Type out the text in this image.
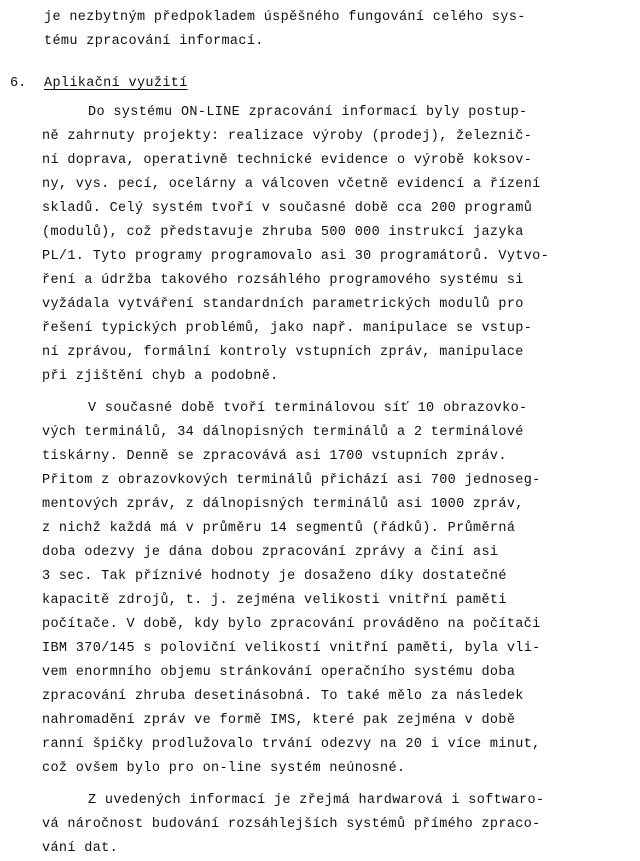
je nezbytným předpokladem úspěšného fungování celého sys-
tému zpracování informací.
6. Aplikační využití
Do systému ON-LINE zpracování informací byly postup-
ně zahrnuty projekty: realizace výroby (prodej), železnič-
ní doprava, operativně technické evidence o výrobě koksov-
ny, vys. pecí, ocelárny a válcoven včetně evidencí a řízení
skladů. Celý systém tvoří v současné době cca 200 programů
(modulů), což představuje zhruba 500 000 instrukcí jazyka
PL/1. Tyto programy programovalo asi 30 programátorů. Vytvo-
ření a údržba takového rozsáhlého programového systému si
vyžádala vytváření standardních parametrických modulů pro
řešení typických problémů, jako např. manipulace se vstup-
ní zprávou, formální kontroly vstupních zpráv, manipulace
při zjištění chyb a podobně.
V současné době tvoří terminálovou síť 10 obrazovko-
vých terminálů, 34 dálnopisných terminálů a 2 terminálové
tiskárny. Denně se zpracovává asi 1700 vstupních zpráv.
Přitom z obrazovkových terminálů přichází asi 700 jednoseg-
mentových zpráv, z dálnopisných terminálů asi 1000 zpráv,
z nichž každá má v průměru 14 segmentů (řádků). Průměrná
doba odezvy je dána dobou zpracování zprávy a činí asi
3 sec. Tak příznivé hodnoty je dosaženo díky dostatečné
kapacitě zdrojů, t. j. zejména velikosti vnitřní paměti
počítače. V době, kdy bylo zpracování prováděno na počítači
IBM 370/145 s poloviční velikostí vnitřní paměti, byla vli-
vem enormního objemu stránkování operačního systému doba
zpracování zhruba desetinásobná. To také mělo za následek
nahromadění zpráv ve formě IMS, které pak zejména v době
ranní špičky prodlužovalo trvání odezvy na 20 i více minut,
což ovšem bylo pro on-line systém neúnosné.
Z uvedených informací je zřejmá hardwarová i softwaro-
vá náročnost budování rozsáhlejších systémů přímého zpraco-
vání dat.
